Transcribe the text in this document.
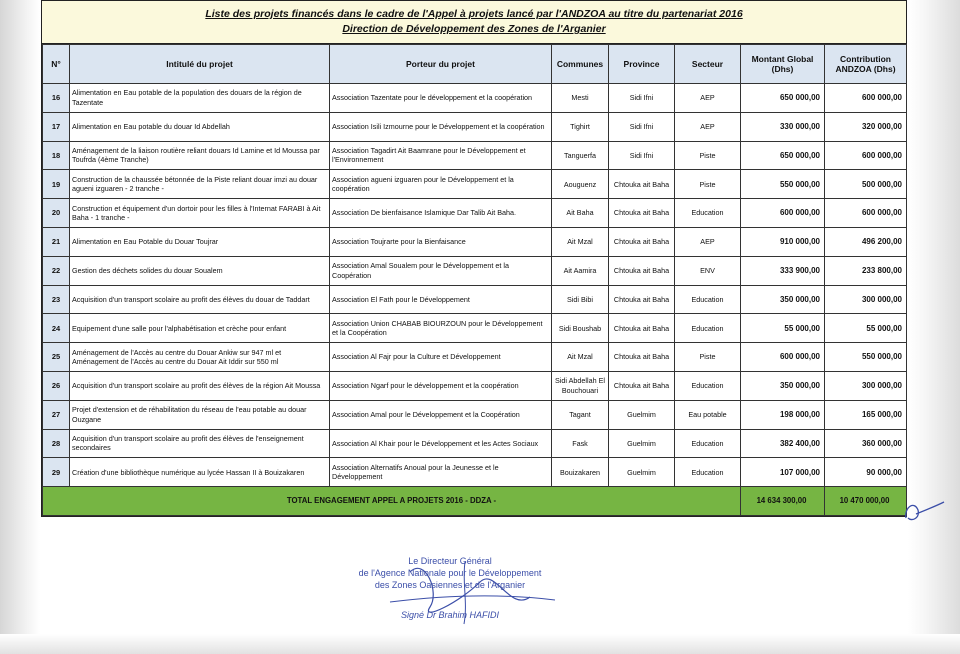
Liste des projets financés dans le cadre de l'Appel à projets lancé par l'ANDZOA au titre du partenariat 2016
Direction de Développement des Zones de l'Arganier
N°	Intitulé du projet	Porteur du projet	Communes	Province	Secteur	Montant Global (Dhs)	Contribution ANDZOA (Dhs)
16	Alimentation en Eau potable de la population des douars de la région de Tazentate	Association Tazentate pour le développement et la coopération	Mesti	Sidi Ifni	AEP	650 000,00	600 000,00
17	Alimentation en Eau potable du douar Id Abdellah	Association Isili Izmourne pour le Développement et la coopération	Tighirt	Sidi Ifni	AEP	330 000,00	320 000,00
18	Aménagement de la liaison routière reliant douars Id Lamine et Id Moussa par Toufrda (4ème Tranche)	Association Tagadirt Ait Baamrane pour le Développement et l'Environnement	Tanguerfa	Sidi Ifni	Piste	650 000,00	600 000,00
19	Construction de la chaussée bétonnée de la Piste reliant douar imzi au douar agueni izguaren - 2 tranche -	Association agueni izguaren pour le Développement et la coopération	Aouguenz	Chtouka ait Baha	Piste	550 000,00	500 000,00
20	Construction et équipement d'un dortoir pour les filles à l'Internat FARABI à Ait Baha - 1 tranche -	Association De bienfaisance Islamique Dar Talib Ait Baha.	Ait Baha	Chtouka ait Baha	Education	600 000,00	600 000,00
21	Alimentation en Eau Potable du Douar Toujrar	Association Toujrarte pour la Bienfaisance	Ait Mzal	Chtouka ait Baha	AEP	910 000,00	496 200,00
22	Gestion des déchets solides du douar Soualem	Association Amal Soualem pour le Développement et la Coopération	Ait Aamira	Chtouka ait Baha	ENV	333 900,00	233 800,00
23	Acquisition d'un transport scolaire au profit des élèves du douar de Taddart	Association El Fath pour le Développement	Sidi Bibi	Chtouka ait Baha	Education	350 000,00	300 000,00
24	Equipement d'une salle pour l'alphabétisation et crèche pour enfant	Association Union CHABAB BIOURZOUN pour le Développement et la Coopération	Sidi Boushab	Chtouka ait Baha	Education	55 000,00	55 000,00
25	Aménagement de l'Accès au centre du Douar Ankiw sur 947 ml et Aménagement de l'Accès au centre du Douar Ait Iddir sur 550 ml	Association Al Fajr pour la Culture et Développement	Ait Mzal	Chtouka ait Baha	Piste	600 000,00	550 000,00
26	Acquisition d'un transport scolaire au profit des élèves de la région Ait Moussa	Association Ngarf pour le développement et la coopération	Sidi Abdellah El Bouchouari	Chtouka ait Baha	Education	350 000,00	300 000,00
27	Projet d'extension et de réhabilitation du réseau de l'eau potable au douar Ouzgane	Association Amal pour le Développement et la Coopération	Tagant	Guelmim	Eau potable	198 000,00	165 000,00
28	Acquisition d'un transport scolaire au profit des élèves de l'enseignement secondaires	Association Al Khair pour le Développement et les Actes Sociaux	Fask	Guelmim	Education	382 400,00	360 000,00
29	Création d'une bibliothèque numérique au lycée Hassan II à Bouizakaren	Association Alternatifs Anoual pour la Jeunesse et le Développement	Bouizakaren	Guelmim	Education	107 000,00	90 000,00
TOTAL ENGAGEMENT APPEL A PROJETS 2016 - DDZA -						14 634 300,00	10 470 000,00
Le Directeur Général
de l'Agence Nationale pour le Développement
des Zones Oasiennes et de l'Arganier
Signé Dr Brahim HAFIDI
